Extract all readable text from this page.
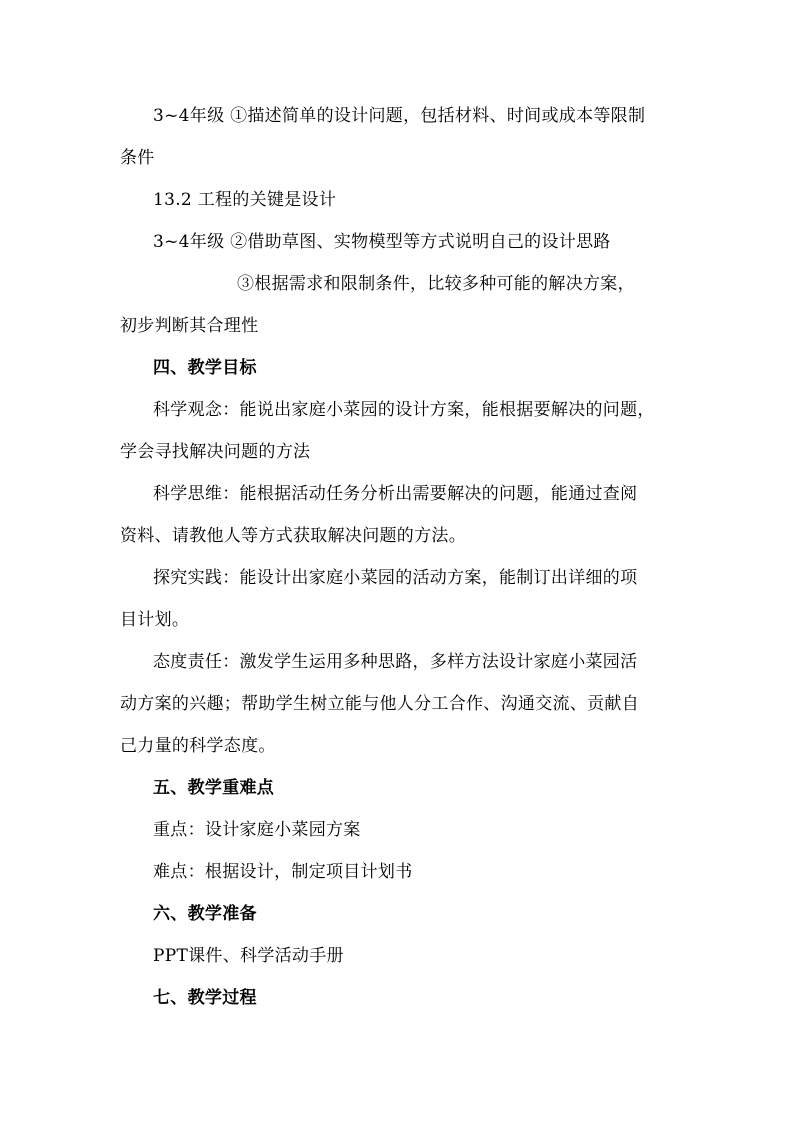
3~4年级 ①描述简单的设计问题，包括材料、时间或成本等限制
条件
13.2 工程的关键是设计
3~4年级 ②借助草图、实物模型等方式说明自己的设计思路
③根据需求和限制条件，比较多种可能的解决方案，
初步判断其合理性
四、教学目标
科学观念：能说出家庭小菜园的设计方案，能根据要解决的问题，
学会寻找解决问题的方法
科学思维：能根据活动任务分析出需要解决的问题，能通过查阅
资料、请教他人等方式获取解决问题的方法。
探究实践：能设计出家庭小菜园的活动方案，能制订出详细的项
目计划。
态度责任：激发学生运用多种思路，多样方法设计家庭小菜园活
动方案的兴趣；帮助学生树立能与他人分工合作、沟通交流、贡献自
己力量的科学态度。
五、教学重难点
重点：设计家庭小菜园方案
难点：根据设计，制定项目计划书
六、教学准备
PPT课件、科学活动手册
七、教学过程
